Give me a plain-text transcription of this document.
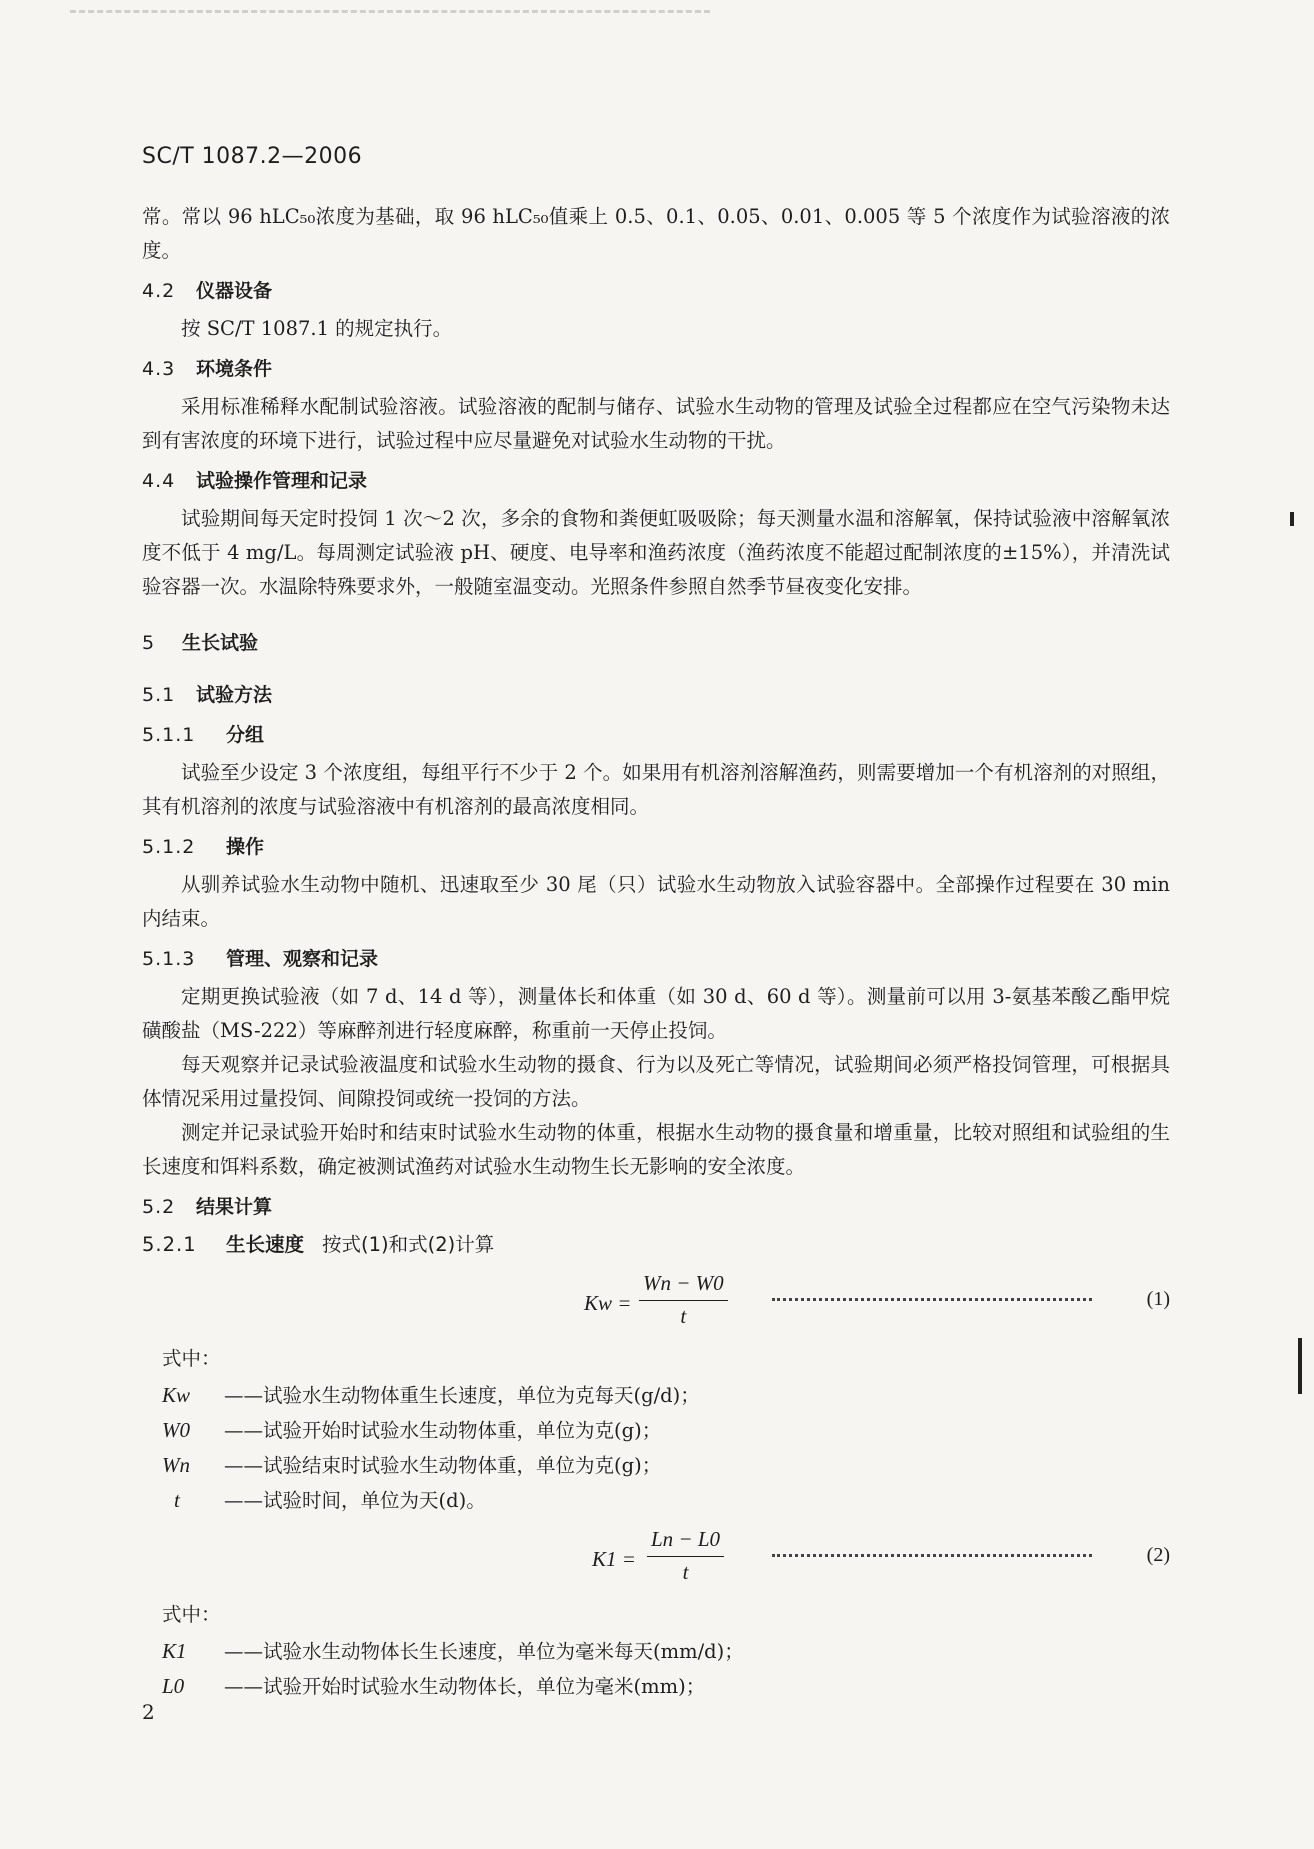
SC/T 1087.2—2006

常。常以 96 hLC₅₀浓度为基础，取 96 hLC₅₀值乘上 0.5、0.1、0.05、0.01、0.005 等 5 个浓度作为试验溶液的浓度。

4.2 仪器设备

按 SC/T 1087.1 的规定执行。

4.3 环境条件

采用标准稀释水配制试验溶液。试验溶液的配制与储存、试验水生动物的管理及试验全过程都应在空气污染物未达到有害浓度的环境下进行，试验过程中应尽量避免对试验水生动物的干扰。

4.4 试验操作管理和记录

试验期间每天定时投饲 1 次～2 次，多余的食物和粪便虹吸吸除；每天测量水温和溶解氧，保持试验液中溶解氧浓度不低于 4 mg/L。每周测定试验液 pH、硬度、电导率和渔药浓度（渔药浓度不能超过配制浓度的±15%），并清洗试验容器一次。水温除特殊要求外，一般随室温变动。光照条件参照自然季节昼夜变化安排。

5 生长试验
5.1 试验方法
5.1.1 分组

试验至少设定 3 个浓度组，每组平行不少于 2 个。如果用有机溶剂溶解渔药，则需要增加一个有机溶剂的对照组，其有机溶剂的浓度与试验溶液中有机溶剂的最高浓度相同。

5.1.2 操作

从驯养试验水生动物中随机、迅速取至少 30 尾（只）试验水生动物放入试验容器中。全部操作过程要在 30 min 内结束。

5.1.3 管理、观察和记录

定期更换试验液（如 7 d、14 d 等），测量体长和体重（如 30 d、60 d 等）。测量前可以用 3-氨基苯酸乙酯甲烷磺酸盐（MS-222）等麻醉剂进行轻度麻醉，称重前一天停止投饲。

每天观察并记录试验液温度和试验水生动物的摄食、行为以及死亡等情况，试验期间必须严格投饲管理，可根据具体情况采用过量投饲、间隙投饲或统一投饲的方法。

测定并记录试验开始时和结束时试验水生动物的体重，根据水生动物的摄食量和增重量，比较对照组和试验组的生长速度和饵料系数，确定被测试渔药对试验水生动物生长无影响的安全浓度。

5.2 结果计算
5.2.1 生长速度 按式(1)和式(2)计算
$Kw = \frac{Wn - W0}{t}$	(1)

式中：

Kw ——试验水生动物体重生长速度，单位为克每天(g/d)；

W0 ——试验开始时试验水生动物体重，单位为克(g)；

Wn ——试验结束时试验水生动物体重，单位为克(g)；

t ——试验时间，单位为天(d)。

$K1 = \frac{Ln - L0}{t}$	(2)

式中：

K1 ——试验水生动物体长生长速度，单位为毫米每天(mm/d)；

L0 ——试验开始时试验水生动物体长，单位为毫米(mm)；

2
